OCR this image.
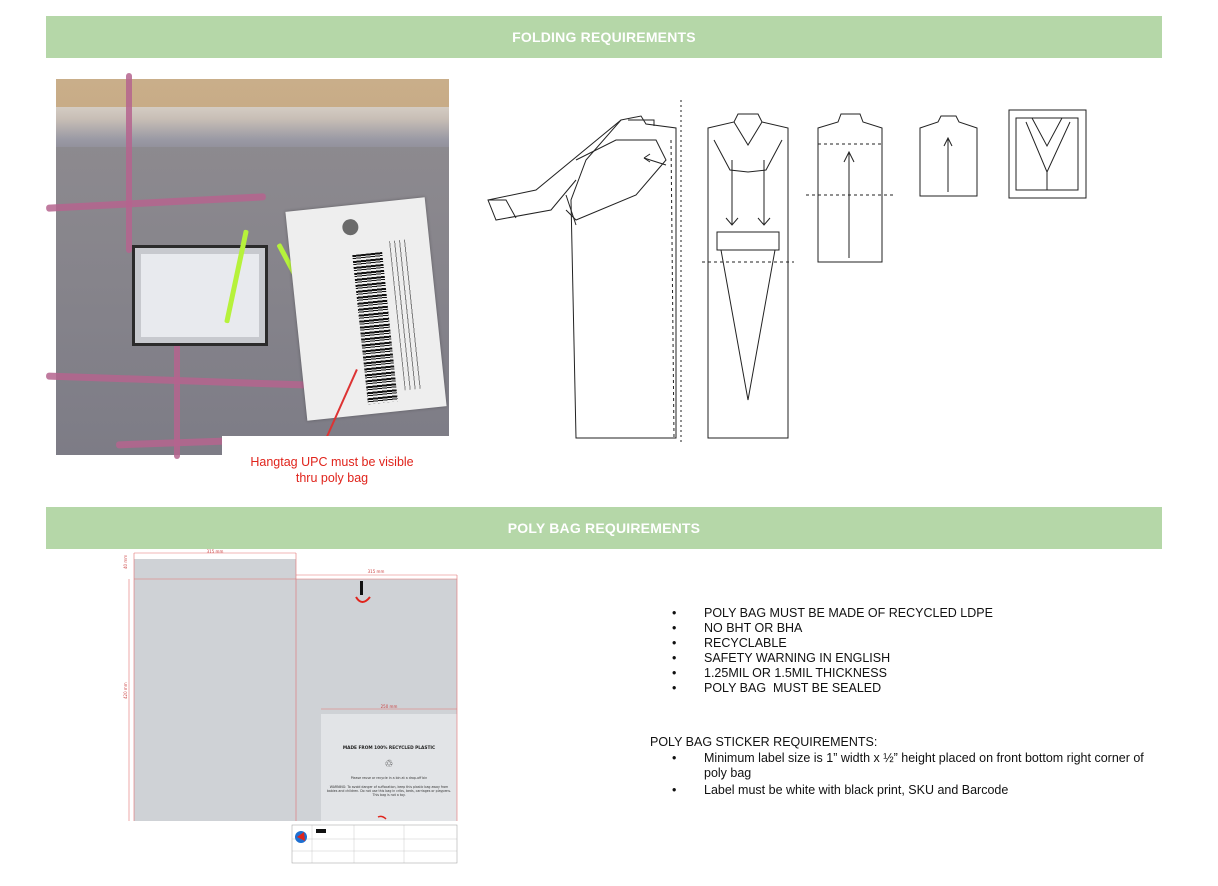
FOLDING REQUIREMENTS
Hangtag UPC must be visible
thru poly bag
POLY BAG REQUIREMENTS
315 mm
315 mm
420 mm
40 mm
250 mm
MADE FROM 100% RECYCLED PLASTIC
♲
Please reuse or recycle in a bin at a drop-off bin
WARNING: To avoid danger of suffocation, keep this plastic bag away from babies and children. Do not use this bag in cribs, beds, carriages or playpens. This bag is not a toy.
• POLY BAG MUST BE MADE OF RECYCLED LDPE
• NO BHT OR BHA
• RECYCLABLE
• SAFETY WARNING IN ENGLISH
• 1.25MIL OR 1.5MIL THICKNESS
• POLY BAG  MUST BE SEALED
POLY BAG STICKER REQUIREMENTS:
• Minimum label size is 1” width x ½” height placed on front bottom right corner of poly bag
• Label must be white with black print, SKU and Barcode
